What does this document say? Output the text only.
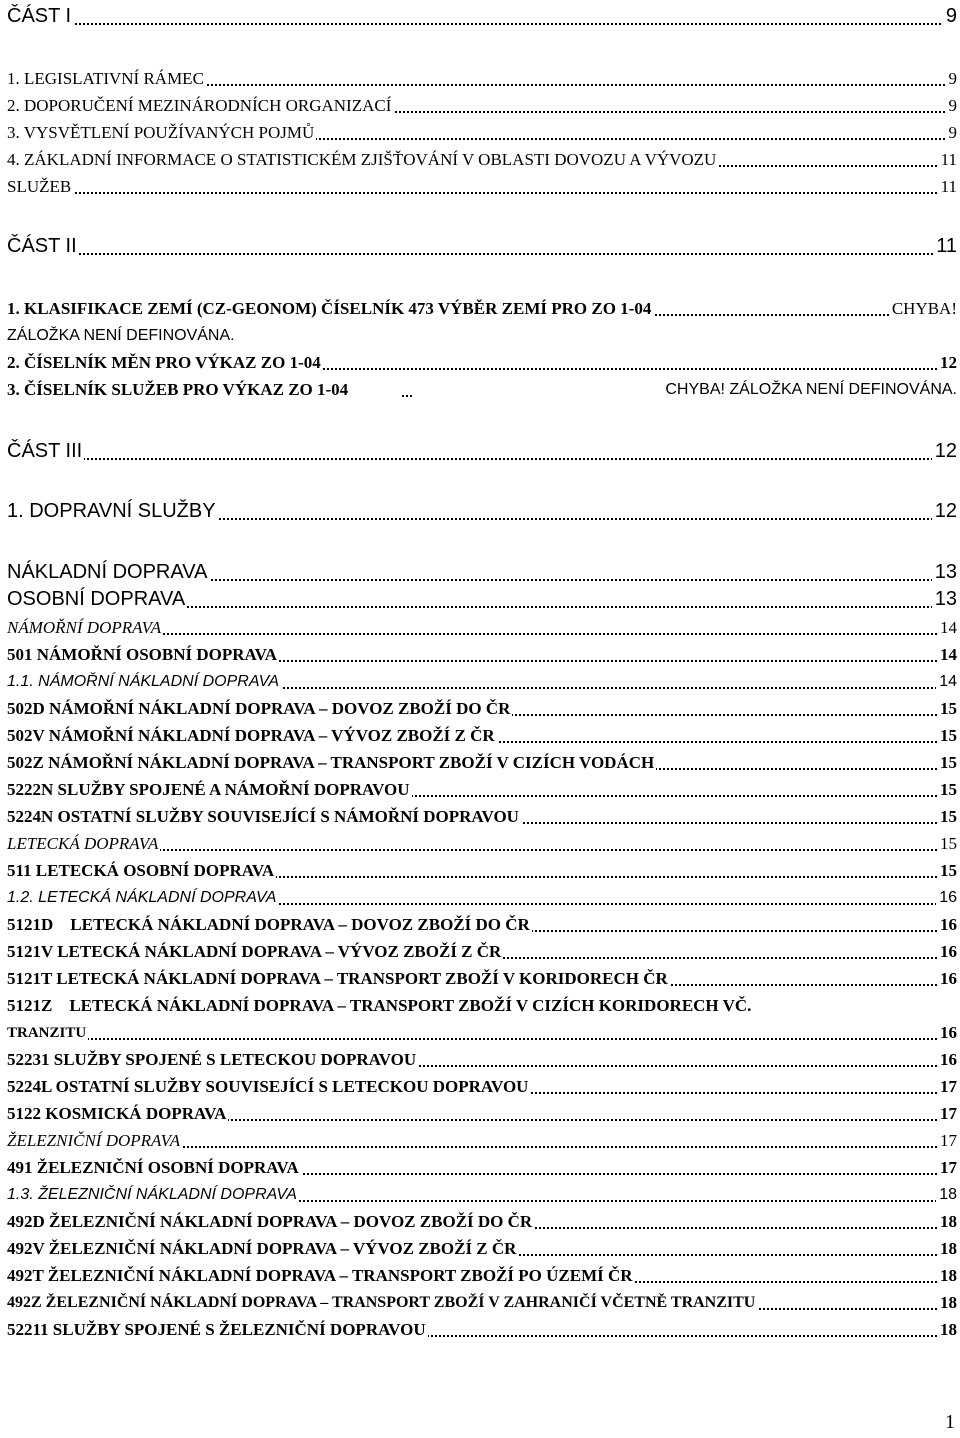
ČÁST I	9
1. LEGISLATIVNÍ RÁMEC	9
2. DOPORUČENÍ MEZINÁRODNÍCH ORGANIZACÍ	9
3. VYSVĚTLENÍ POUŽÍVANÝCH POJMŮ	9
4. ZÁKLADNÍ INFORMACE O STATISTICKÉM ZJIŠŤOVÁNÍ V OBLASTI DOVOZU A VÝVOZU	11
SLUŽEB	11
ČÁST II	11
1. KLASIFIKACE ZEMÍ (CZ-GEONOM) ČÍSELNÍK 473 VÝBĚR ZEMÍ PRO ZO 1-04	CHYBA!
ZÁLOŽKA NENÍ DEFINOVÁNA.
2. ČÍSELNÍK MĚN PRO VÝKAZ ZO 1-04	12
3. ČÍSELNÍK SLUŽEB PRO VÝKAZ ZO 1-04	CHYBA! ZÁLOŽKA NENÍ DEFINOVÁNA.
ČÁST III	12
1. DOPRAVNÍ SLUŽBY	12
NÁKLADNÍ DOPRAVA	13
OSOBNÍ DOPRAVA	13
NÁMOŘNÍ DOPRAVA	14
501 NÁMOŘNÍ OSOBNÍ DOPRAVA	14
1.1. NÁMOŘNÍ NÁKLADNÍ DOPRAVA	14
502D NÁMOŘNÍ NÁKLADNÍ DOPRAVA – DOVOZ ZBOŽÍ DO ČR	15
502V NÁMOŘNÍ NÁKLADNÍ DOPRAVA – VÝVOZ ZBOŽÍ Z ČR	15
502Z NÁMOŘNÍ NÁKLADNÍ DOPRAVA – TRANSPORT ZBOŽÍ V CIZÍCH VODÁCH	15
5222N SLUŽBY SPOJENÉ A NÁMOŘNÍ DOPRAVOU	15
5224N OSTATNÍ SLUŽBY SOUVISEJÍCÍ S NÁMOŘNÍ DOPRAVOU	15
LETECKÁ DOPRAVA	15
511 LETECKÁ OSOBNÍ DOPRAVA	15
1.2. LETECKÁ NÁKLADNÍ DOPRAVA	16
5121D    LETECKÁ NÁKLADNÍ DOPRAVA – DOVOZ ZBOŽÍ DO ČR	16
5121V LETECKÁ NÁKLADNÍ DOPRAVA – VÝVOZ ZBOŽÍ Z ČR	16
5121T LETECKÁ NÁKLADNÍ DOPRAVA – TRANSPORT ZBOŽÍ V KORIDORECH ČR	16
5121Z    LETECKÁ NÁKLADNÍ DOPRAVA – TRANSPORT ZBOŽÍ V CIZÍCH KORIDORECH VČ.
TRANZITU	16
52231 SLUŽBY SPOJENÉ S LETECKOU DOPRAVOU	16
5224L OSTATNÍ SLUŽBY SOUVISEJÍCÍ S LETECKOU DOPRAVOU	17
5122 KOSMICKÁ DOPRAVA	17
ŽELEZNIČNÍ DOPRAVA	17
491 ŽELEZNIČNÍ OSOBNÍ DOPRAVA	17
1.3. ŽELEZNIČNÍ NÁKLADNÍ DOPRAVA	18
492D ŽELEZNIČNÍ NÁKLADNÍ DOPRAVA – DOVOZ ZBOŽÍ DO ČR	18
492V ŽELEZNIČNÍ NÁKLADNÍ DOPRAVA – VÝVOZ ZBOŽÍ Z ČR	18
492T ŽELEZNIČNÍ NÁKLADNÍ DOPRAVA – TRANSPORT ZBOŽÍ PO ÚZEMÍ ČR	18
492Z ŽELEZNIČNÍ NÁKLADNÍ DOPRAVA – TRANSPORT ZBOŽÍ V ZAHRANIČÍ VČETNĚ TRANZITU	18
52211 SLUŽBY SPOJENÉ S ŽELEZNIČNÍ DOPRAVOU	18
1
